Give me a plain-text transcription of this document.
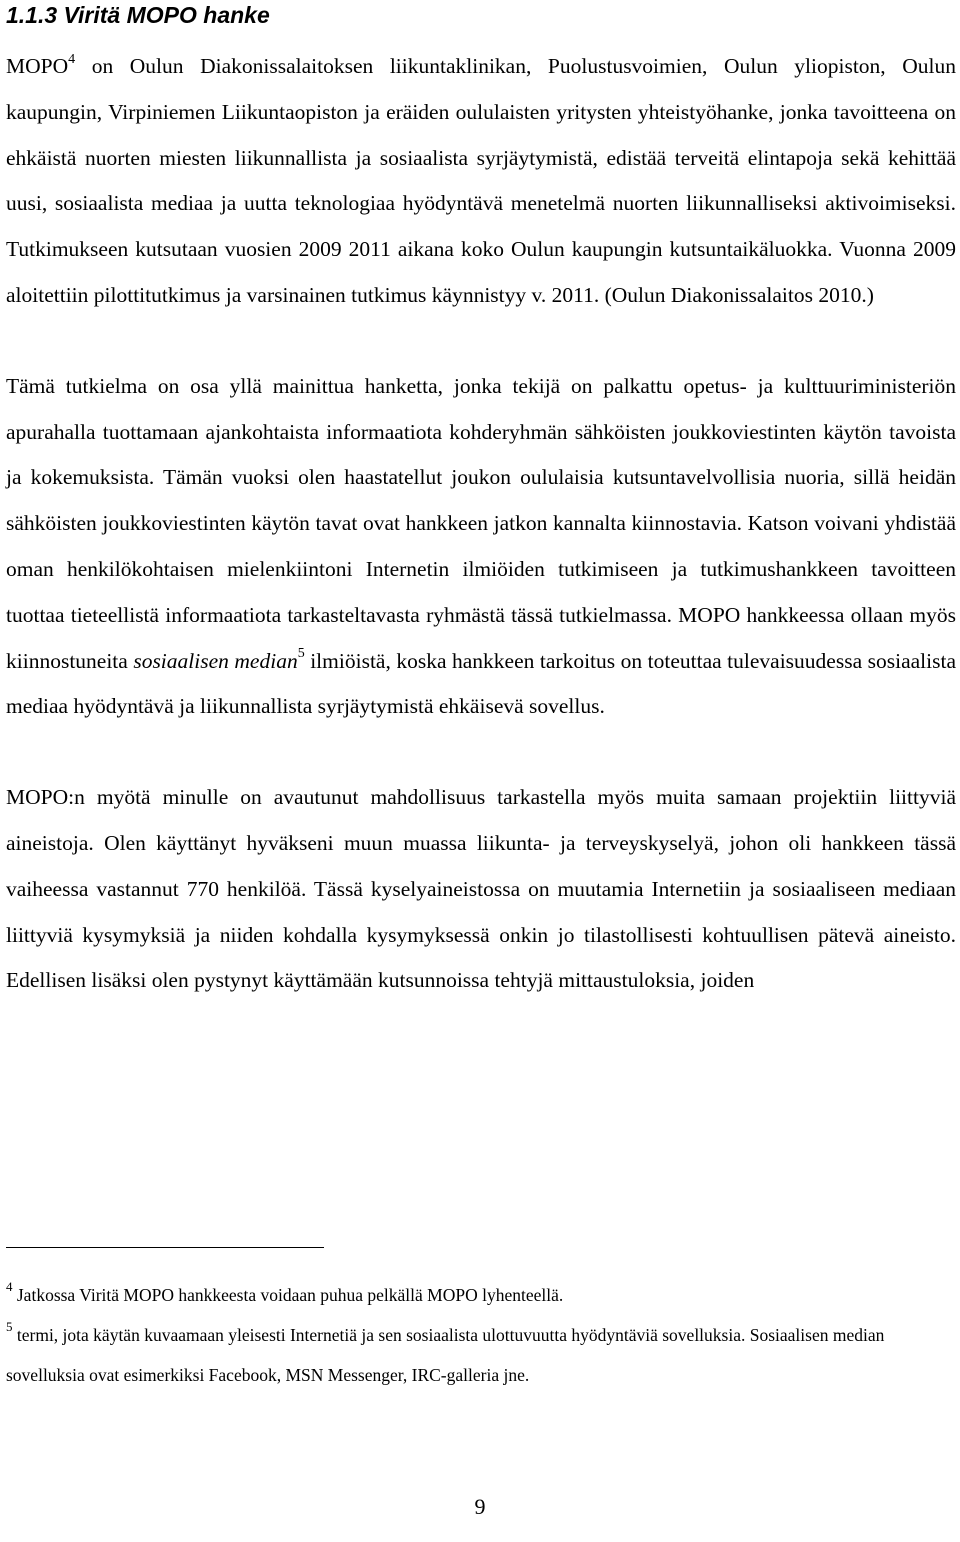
1.1.3 Viritä MOPO hanke

MOPO$^4$ on Oulun Diakonissalaitoksen liikuntaklinikan, Puolustusvoimien, Oulun yliopiston, Oulun kaupungin, Virpiniemen Liikuntaopiston ja eräiden oululaisten yritysten yhteistyöhanke, jonka tavoitteena on ehkäistä nuorten miesten liikunnallista ja sosiaalista syrjäytymistä, edistää terveitä elintapoja sekä kehittää uusi, sosiaalista mediaa ja uutta teknologiaa hyödyntävä menetelmä nuorten liikunnalliseksi aktivoimiseksi. Tutkimukseen kutsutaan vuosien 2009 2011 aikana koko Oulun kaupungin kutsuntaikäluokka. Vuonna 2009 aloitettiin pilottitutkimus ja varsinainen tutkimus käynnistyy v. 2011. (Oulun Diakonissalaitos 2010.)

Tämä tutkielma on osa yllä mainittua hanketta, jonka tekijä on palkattu opetus- ja kulttuuriministeriön apurahalla tuottamaan ajankohtaista informaatiota kohderyhmän sähköisten joukkoviestinten käytön tavoista ja kokemuksista. Tämän vuoksi olen haastatellut joukon oululaisia kutsuntavelvollisia nuoria, sillä heidän sähköisten joukkoviestinten käytön tavat ovat hankkeen jatkon kannalta kiinnostavia. Katson voivani yhdistää oman henkilökohtaisen mielenkiintoni Internetin ilmiöiden tutkimiseen ja tutkimushankkeen tavoitteen tuottaa tieteellistä informaatiota tarkasteltavasta ryhmästä tässä tutkielmassa. MOPO hankkeessa ollaan myös kiinnostuneita sosiaalisen median$^5$ ilmiöistä, koska hankkeen tarkoitus on toteuttaa tulevaisuudessa sosiaalista mediaa hyödyntävä ja liikunnallista syrjäytymistä ehkäisevä sovellus.

MOPO:n myötä minulle on avautunut mahdollisuus tarkastella myös muita samaan projektiin liittyviä aineistoja. Olen käyttänyt hyväkseni muun muassa liikunta- ja terveyskyselyä, johon oli hankkeen tässä vaiheessa vastannut 770 henkilöä. Tässä kyselyaineistossa on muutamia Internetiin ja sosiaaliseen mediaan liittyviä kysymyksiä ja niiden kohdalla kysymyksessä onkin jo tilastollisesti kohtuullisen pätevä aineisto. Edellisen lisäksi olen pystynyt käyttämään kutsunnoissa tehtyjä mittaustuloksia, joiden

$^4$ Jatkossa Viritä MOPO hankkeesta voidaan puhua pelkällä MOPO lyhenteellä.

$^5$ termi, jota käytän kuvaamaan yleisesti Internetiä ja sen sosiaalista ulottuvuutta hyödyntäviä sovelluksia. Sosiaalisen median sovelluksia ovat esimerkiksi Facebook, MSN Messenger, IRC-galleria jne.

9
